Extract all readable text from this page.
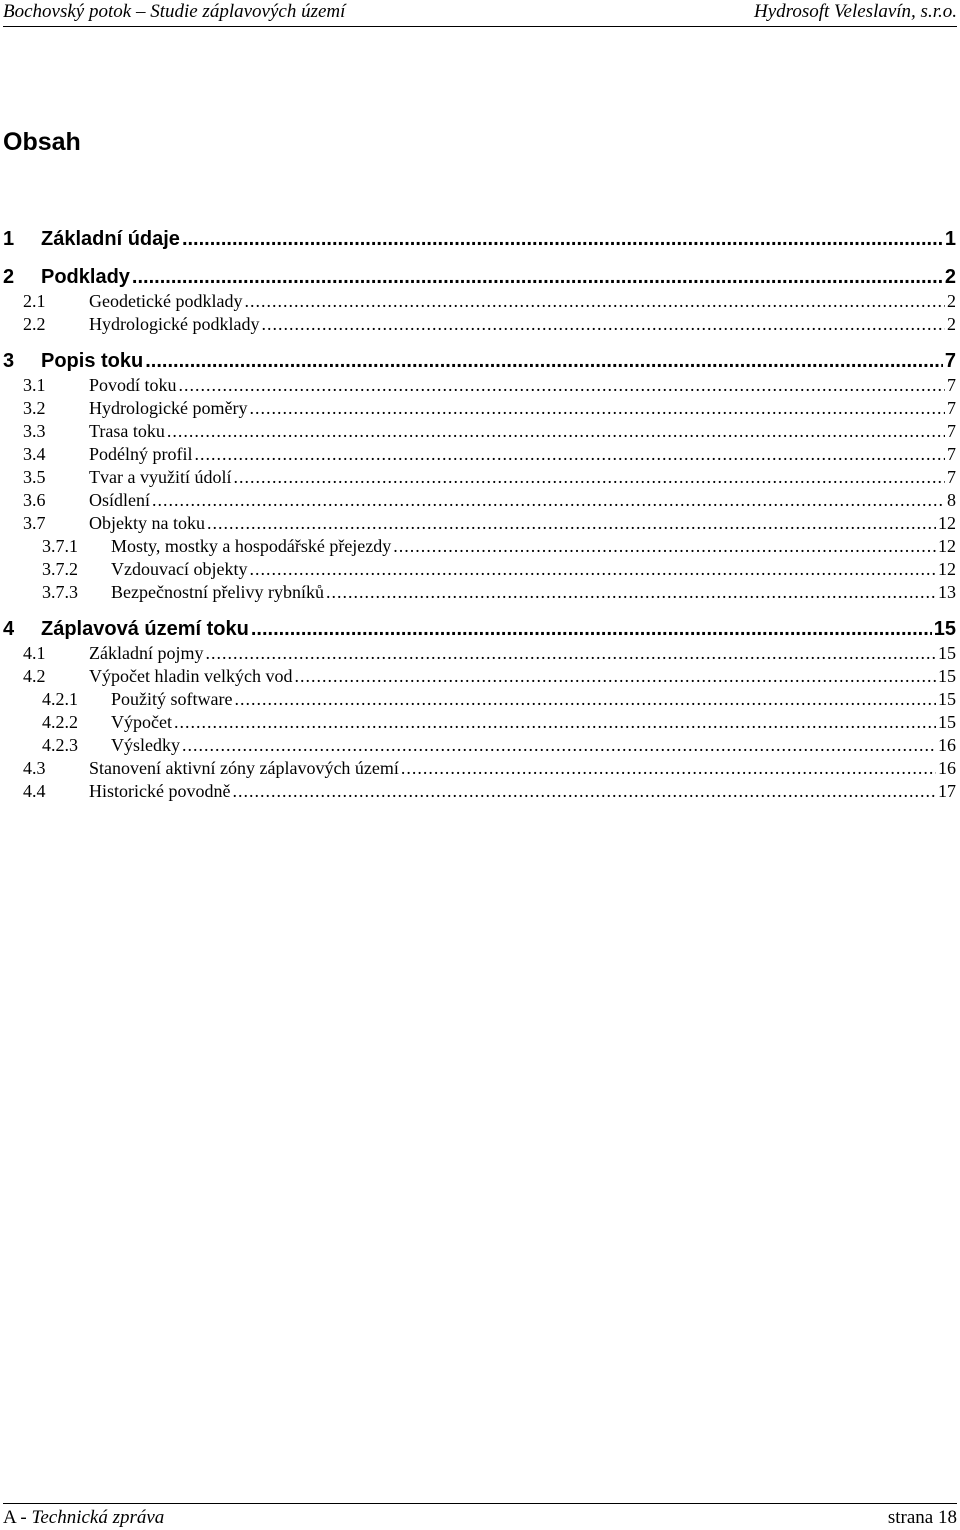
Bochovský potok – Studie záplavových území	Hydrosoft Veleslavín, s.r.o.
Obsah
1	Základní údaje .....	1
2	Podklady .....	2
2.1	Geodetické podklady .....	2
2.2	Hydrologické podklady .....	2
3	Popis toku .....	7
3.1	Povodí toku .....	7
3.2	Hydrologické poměry .....	7
3.3	Trasa toku .....	7
3.4	Podélný profil .....	7
3.5	Tvar a využití údolí .....	7
3.6	Osídlení .....	8
3.7	Objekty na toku .....	12
3.7.1	Mosty, mostky a hospodářské přejezdy .....	12
3.7.2	Vzdouvací objekty .....	12
3.7.3	Bezpečnostní přelivy rybníků .....	13
4	Záplavová území toku .....	15
4.1	Základní pojmy .....	15
4.2	Výpočet hladin velkých vod .....	15
4.2.1	Použitý software .....	15
4.2.2	Výpočet .....	15
4.2.3	Výsledky .....	16
4.3	Stanovení aktivní zóny záplavových území .....	16
4.4	Historické povodně .....	17
A - Technická zpráva	strana 18
